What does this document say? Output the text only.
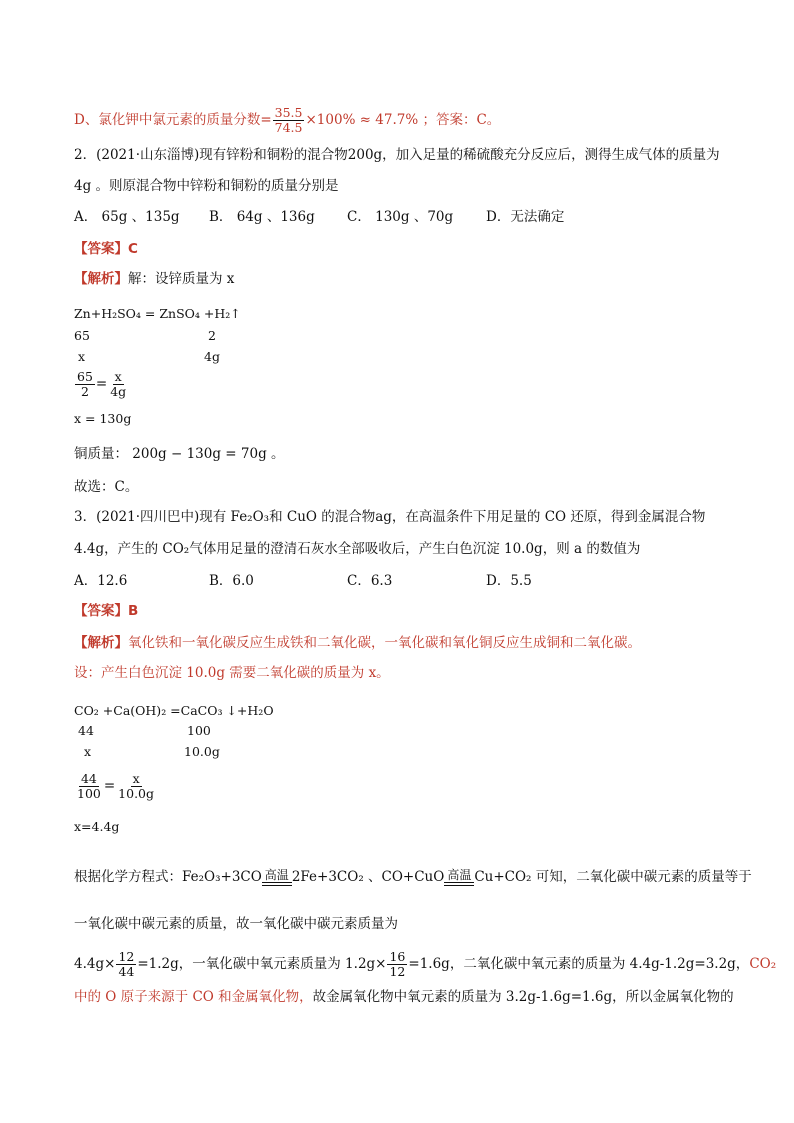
D、氯化钾中氯元素的质量分数= $\frac{35.5}{74.5} \times 100\% \approx 47.7\%$ ；答案：C。
2．(2021·山东淄博)现有锌粉和铜粉的混合物200g，加入足量的稀硫酸充分反应后，测得生成气体的质量为
4g 。则原混合物中锌粉和铜粉的质量分别是
A． 65g 、135g B． 64g 、136g C． 130g 、70g D．无法确定
【答案】C
【解析】解：设锌质量为 x
Zn+H₂SO₄ = ZnSO₄ +H₂↑
65	2
x	4g
$\frac{65}{2} = \frac{x}{4g}$
x = 130g
铜质量： 200g − 130g = 70g 。
故选：C。
3．(2021·四川巴中)现有 Fe₂O₃和 CuO 的混合物ag，在高温条件下用足量的 CO 还原，得到金属混合物
4.4g，产生的 CO₂气体用足量的澄清石灰水全部吸收后，产生白色沉淀 10.0g，则 a 的数值为
A．12.6	B．6.0	C．6.3	D．5.5
【答案】B
【解析】氧化铁和一氧化碳反应生成铁和二氧化碳，一氧化碳和氧化铜反应生成铜和二氧化碳。
设：产生白色沉淀 10.0g 需要二氧化碳的质量为 x。
CO₂ +Ca(OH)₂ =CaCO₃ ↓+H₂O
44	100
x	10.0g
$\frac{44}{100} = \frac{x}{10.0g}$
x=4.4g
根据化学方程式：Fe₂O₃+3CO 高温 2Fe+3CO₂ 、CO+CuO 高温 Cu+CO₂ 可知，二氧化碳中碳元素的质量等于
一氧化碳中碳元素的质量，故一氧化碳中碳元素质量为
$4.4g\times \frac{12}{44} =1.2g$，一氧化碳中氧元素质量为 $1.2g\times \frac{16}{12} =1.6g$，二氧化碳中氧元素的质量为 4.4g-1.2g=3.2g，CO₂
中的 O 原子来源于 CO 和金属氧化物，故金属氧化物中氧元素的质量为 3.2g-1.6g=1.6g，所以金属氧化物的
